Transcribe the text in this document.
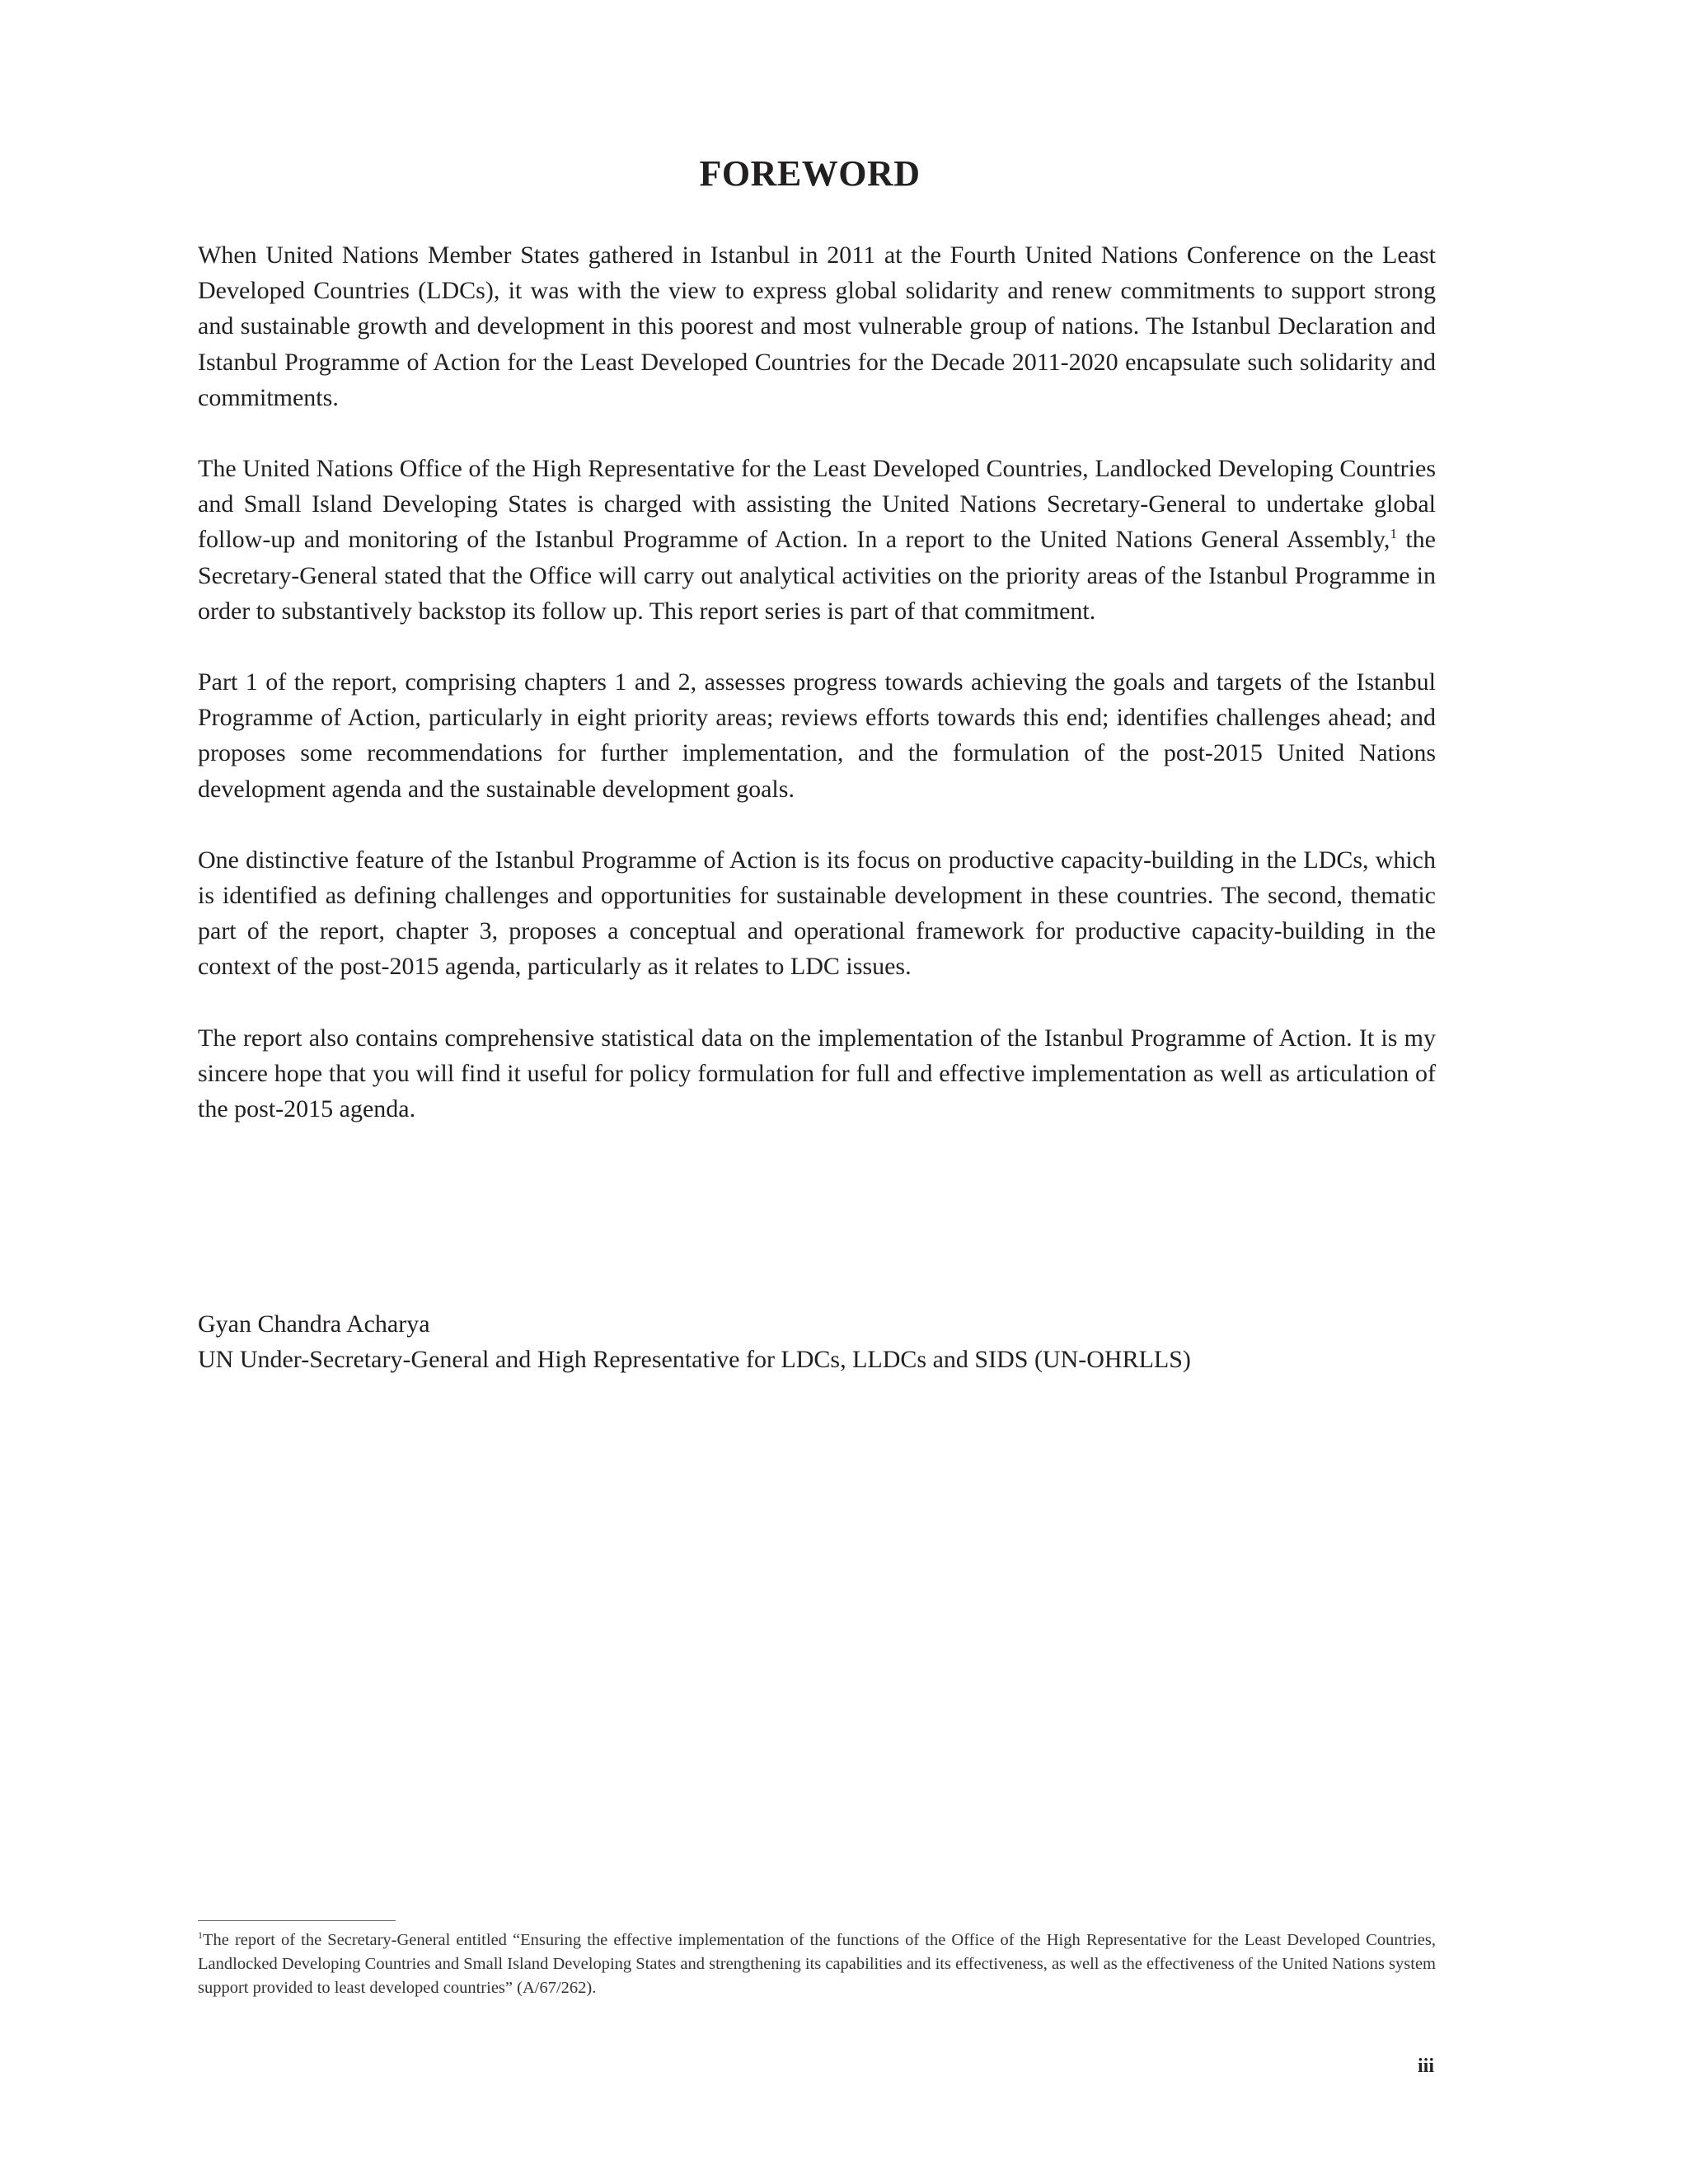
FOREWORD

When United Nations Member States gathered in Istanbul in 2011 at the Fourth United Nations Conference on the Least Developed Countries (LDCs), it was with the view to express global solidarity and renew commitments to support strong and sustainable growth and development in this poorest and most vulnerable group of nations. The Istanbul Declaration and Istanbul Programme of Action for the Least Developed Countries for the Decade 2011-2020 encapsulate such solidarity and commitments.

The United Nations Office of the High Representative for the Least Developed Countries, Landlocked Developing Countries and Small Island Developing States is charged with assisting the United Nations Secretary-General to undertake global follow-up and monitoring of the Istanbul Programme of Action. In a report to the United Nations General Assembly,$^1$ the Secretary-General stated that the Office will carry out analytical activities on the priority areas of the Istanbul Programme in order to substantively backstop its follow up. This report series is part of that commitment.

Part 1 of the report, comprising chapters 1 and 2, assesses progress towards achieving the goals and targets of the Istanbul Programme of Action, particularly in eight priority areas; reviews efforts towards this end; identifies challenges ahead; and proposes some recommendations for further implementation, and the formulation of the post-2015 United Nations development agenda and the sustainable development goals.

One distinctive feature of the Istanbul Programme of Action is its focus on productive capacity-building in the LDCs, which is identified as defining challenges and opportunities for sustainable development in these countries. The second, thematic part of the report, chapter 3, proposes a conceptual and operational framework for productive capacity-building in the context of the post-2015 agenda, particularly as it relates to LDC issues.

The report also contains comprehensive statistical data on the implementation of the Istanbul Programme of Action. It is my sincere hope that you will find it useful for policy formulation for full and effective implementation as well as articulation of the post-2015 agenda.

Gyan Chandra Acharya
UN Under-Secretary-General and High Representative for LDCs, LLDCs and SIDS (UN-OHRLLS)

$^1$The report of the Secretary-General entitled “Ensuring the effective implementation of the functions of the Office of the High Representative for the Least Developed Countries, Landlocked Developing Countries and Small Island Developing States and strengthening its capabilities and its effectiveness, as well as the effectiveness of the United Nations system support provided to least developed countries” (A/67/262).

iii
